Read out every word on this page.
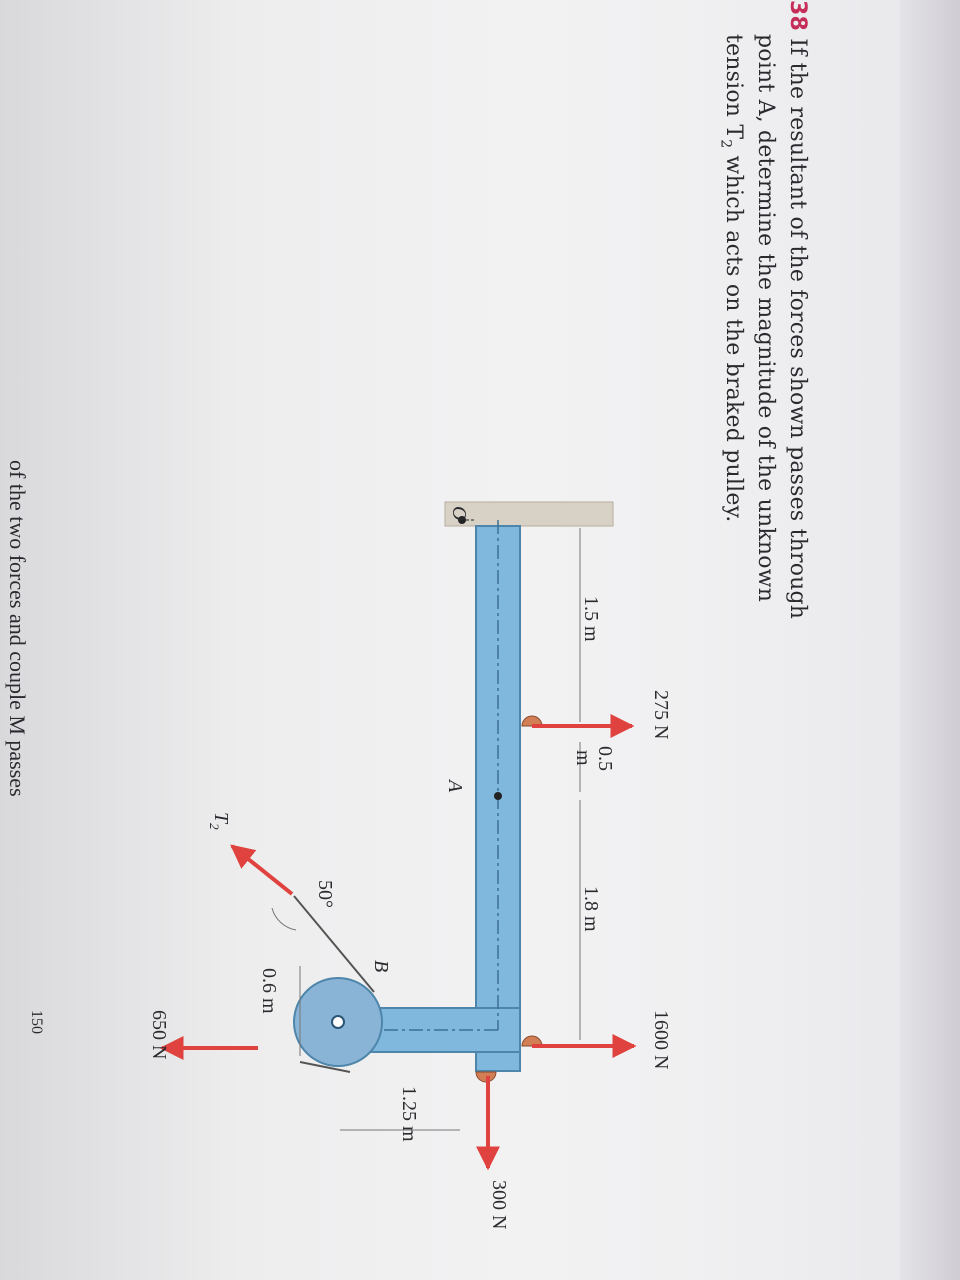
38 If the resultant of the forces shown passes through
point A, determine the magnitude of the unknown
tension $T_2$ which acts on the braked pulley.
of the two forces and couple M passes
150
275 N
1600 N
300 N
650 N
$T_2$
1.5 m
0.5
m
1.8 m
1.25 m
0.6 m
50°
O
A
B
